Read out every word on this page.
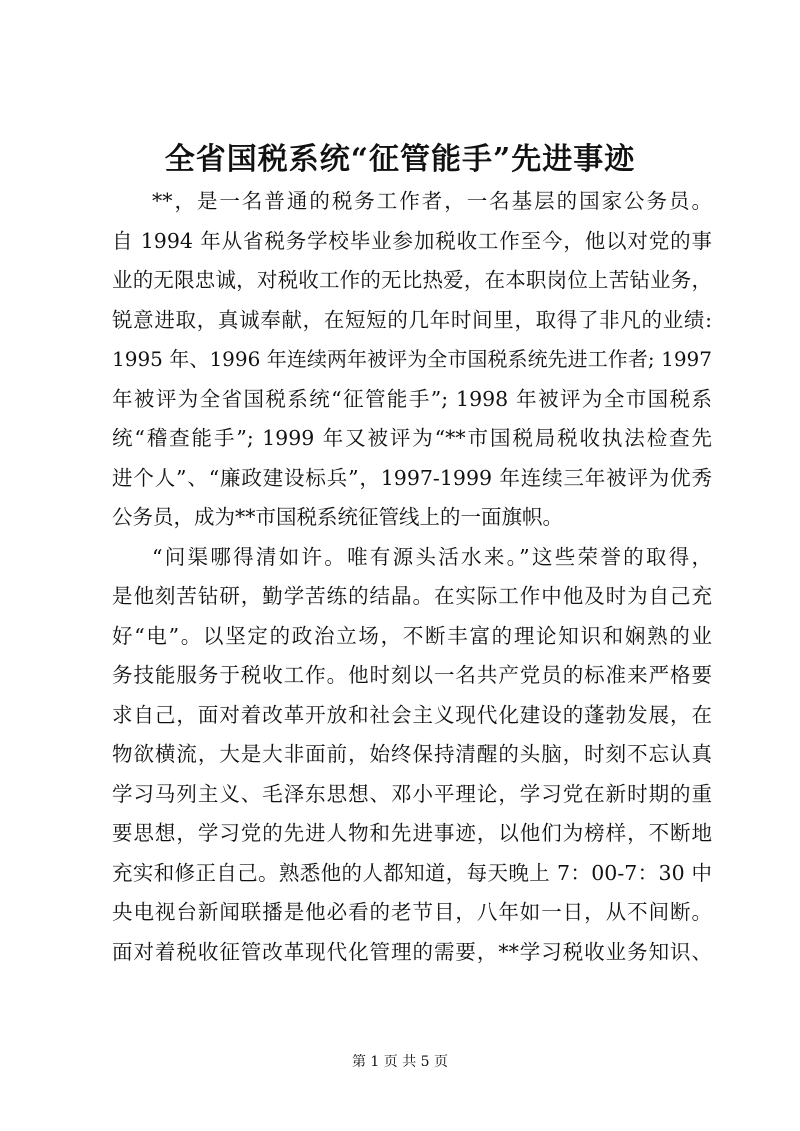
全省国税系统“征管能手”先进事迹
**，是一名普通的税务工作者，一名基层的国家公务员。
自 1994 年从省税务学校毕业参加税收工作至今，他以对党的事
业的无限忠诚，对税收工作的无比热爱，在本职岗位上苦钻业务，
锐意进取，真诚奉献，在短短的几年时间里，取得了非凡的业绩:
1995 年、1996 年连续两年被评为全市国税系统先进工作者; 1997
年被评为全省国税系统“征管能手”; 1998 年被评为全市国税系
统“稽查能手”; 1999 年又被评为“**市国税局税收执法检查先
进个人”、“廉政建设标兵”，1997-1999 年连续三年被评为优秀
公务员，成为**市国税系统征管线上的一面旗帜。
“问渠哪得清如许。唯有源头活水来。”这些荣誉的取得，
是他刻苦钻研，勤学苦练的结晶。在实际工作中他及时为自己充
好“电”。以坚定的政治立场，不断丰富的理论知识和娴熟的业
务技能服务于税收工作。他时刻以一名共产党员的标准来严格要
求自己，面对着改革开放和社会主义现代化建设的蓬勃发展，在
物欲横流，大是大非面前，始终保持清醒的头脑，时刻不忘认真
学习马列主义、毛泽东思想、邓小平理论，学习党在新时期的重
要思想，学习党的先进人物和先进事迹，以他们为榜样，不断地
充实和修正自己。熟悉他的人都知道，每天晚上 7：00-7：30 中
央电视台新闻联播是他必看的老节目，八年如一日，从不间断。
面对着税收征管改革现代化管理的需要，**学习税收业务知识、
第 1 页 共 5 页
